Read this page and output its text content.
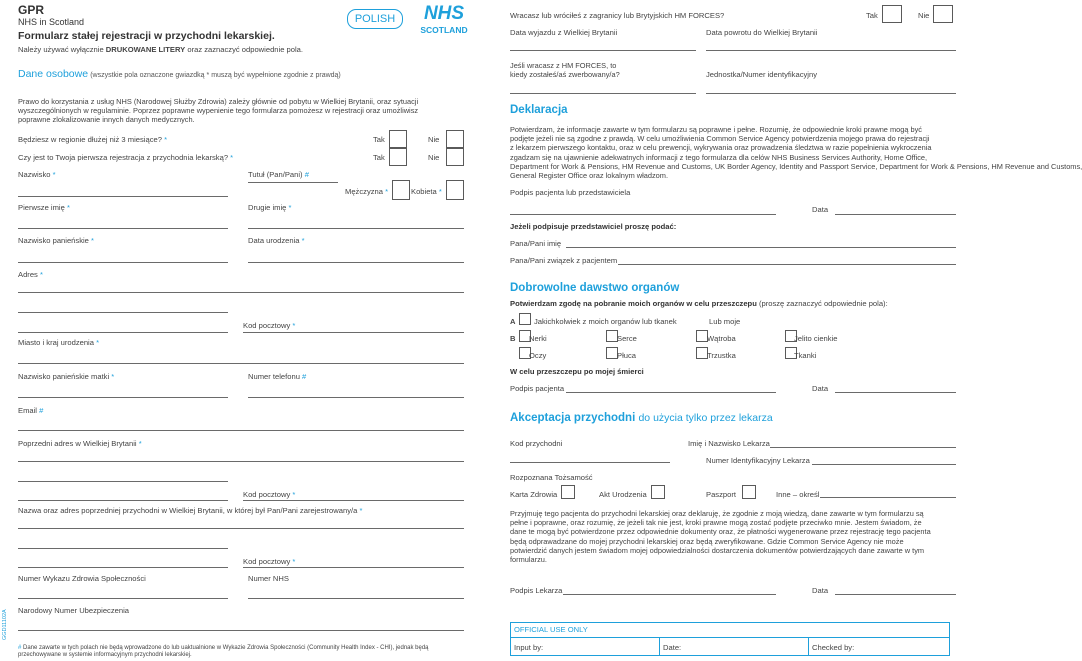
GPR
NHS in Scotland
Formularz stałej rejestracji w przychodni lekarskiej.
Należy używać wyłącznie DRUKOWANE LITERY oraz zaznaczyć odpowiednie pola.
POLISH	NHS
SCOTLAND
Dane osobowe (wszystkie pola oznaczone gwiazdką * muszą być wypełnione zgodnie z prawdą)
Prawo do korzystania z usług NHS (Narodowej Służby Zdrowia) zależy głównie od pobytu w Wielkiej Brytanii, oraz sytuacji
wyszczególnionych w regulaminie. Poprzez poprawne wypenienie tego formularza pomożesz w rejestracji oraz umożliwisz
poprawne zlokalizowanie innych danych medycznych.
Będziesz w regionie dłużej niż 3 miesiące? *	Tak	Nie
Czy jest to Twoja pierwsza rejestracja z przychodnia lekarską? *	Tak	Nie
Nazwisko *	Tutuł (Pan/Pani) #
Mężczyzna *	Kobieta *
Pierwsze imię *	Drugie imię *
Nazwisko panieńskie *	Data urodzenia *
Adres *
Kod pocztowy *
Miasto i kraj urodzenia *
Nazwisko panieńskie matki *	Numer telefonu #
Email #
Poprzedni adres w Wielkiej Brytanii *
Kod pocztowy *
Nazwa oraz adres poprzedniej przychodni w Wielkiej Brytanii, w której był Pan/Pani zarejestrowany/a *
Kod pocztowy *
Numer Wykazu Zdrowia Społeczności	Numer NHS
Narodowy Numer Ubezpieczenia
# Dane zawarte w tych polach nie będą wprowadzone do lub uaktualnione w Wykazie Zdrowia Społeczności (Community Health Index - CHI), jednak będą
przechowywane w systemie informacyjnym przychodni lekarskiej.
GGD11102A
Wracasz lub wróciłeś z zagranicy lub Brytyjskich HM FORCES?	Tak	Nie
Data wyjazdu z Wielkiej Brytanii	Data powrotu do Wielkiej Brytanii
Jeśli wracasz z HM FORCES, to
kiedy zostałeś/aś zwerbowany/a?	Jednostka/Numer identyfikacyjny
Deklaracja
Potwierdzam, że informacje zawarte w tym formularzu są poprawne i pełne. Rozumię, że odpowiednie kroki prawne mogą być
podjęte jeżeli nie są zgodne z prawdą. W celu umożliwienia Common Service Agency potwierdzenia mojego prawa do rejestracji
z lekarzem pierwszego kontaktu, oraz w celu prewencji, wykrywania oraz prowadzenia śledztwa w razie popełnienia wykroczenia
zgadzam się na ujawnienie adekwatnych informacji z tego formularza dla celów NHS Business Services Authority, Home Office,
Department for Work & Pensions, HM Revenue and Customs, UK Border Agency, Identity and Passport Service, Department for Work & Pensions, HM Revenue and Customs,
General Register Office oraz lokalnym władzom.
Podpis pacjenta lub przedstawiciela
Data
Jeżeli podpisuje przedstawiciel proszę podać:
Pana/Pani imię
Pana/Pani związek z pacjentem
Dobrowolne dawstwo organów
Potwierdzam zgodę na pobranie moich organów w celu przeszczepu (proszę zaznaczyć odpowiednie pola):
A Jakichkolwiek z moich organów lub tkanek	Lub moje
B Nerki	Serce	Wątroba	Jelito cienkie
Oczy	Płuca	Trzustka	Tkanki
W celu przeszczepu po mojej śmierci
Podpis pacjenta	Data
Akceptacja przychodni do użycia tylko przez lekarza
Kod przychodni	Imię i Nazwisko Lekarza
Numer Identyfikacyjny Lekarza
Rozpoznana Tożsamość
Karta Zdrowia	Akt Urodzenia	Paszport	Inne – określ
Przyjmuję tego pacjenta do przychodni lekarskiej oraz deklaruję, że zgodnie z moją wiedzą, dane zawarte w tym formularzu są
pełne i poprawne, oraz rozumię, że jeżeli tak nie jest, kroki prawne mogą zostać podjęte przeciwko mnie. Jestem świadom, że
dane te mogą być potwierdzone przez odpowiednie dokumenty oraz, że płatności wygenerowane przez rejestrację tego pacjenta
będą odprawadzane do mojej przychodni lekarskiej oraz będą zweryfikowane. Gdzie Common Service Agency nie może
potwierdzić danych jestem świadom mojej odpowiedzialności dostarczenia dokumentów potwierdzających dane zawarte w tym
formularzu.
Podpis Lekarza	Data
OFFICIAL USE ONLY
Input by:	Date:	Checked by:
